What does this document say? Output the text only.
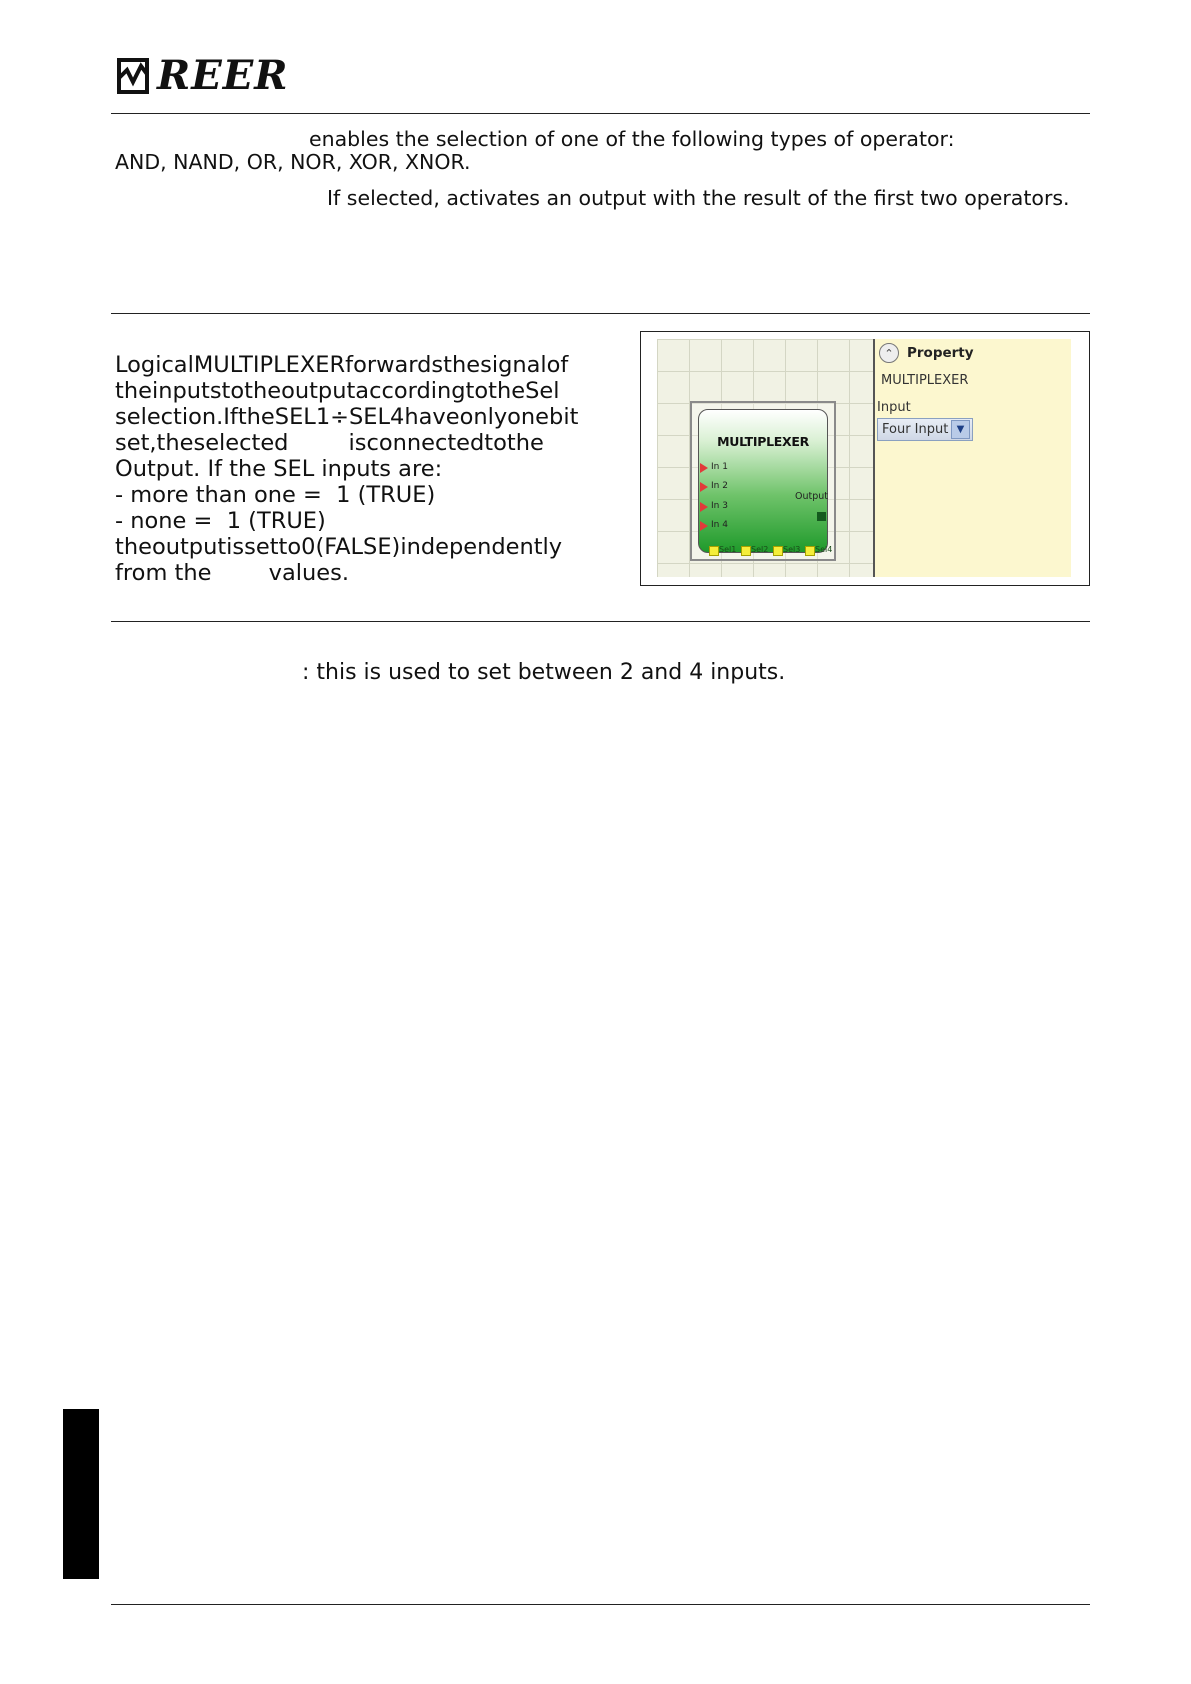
REER
enables the selection of one of the following types of operator:
AND, NAND, OR, NOR, XOR, XNOR.
If selected, activates an output with the result of the first two operators.
LogicalMULTIPLEXERforwardsthesignalof
theinputstotheoutputaccordingtotheSel
selection.IftheSEL1÷SEL4haveonlyonebit
set,theselected	isconnectedtothe
Output. If the SEL inputs are:
- more than one =  1 (TRUE)
- none =  1 (TRUE)
theoutputissetto0(FALSE)independently
from the        values.
MULTIPLEXER
In 1
In 2
In 3
In 4
Sel1 Sel2 Sel3 Sel4
Output
⌃ Property
MULTIPLEXER
Input
Four Input ▼
: this is used to set between 2 and 4 inputs.
